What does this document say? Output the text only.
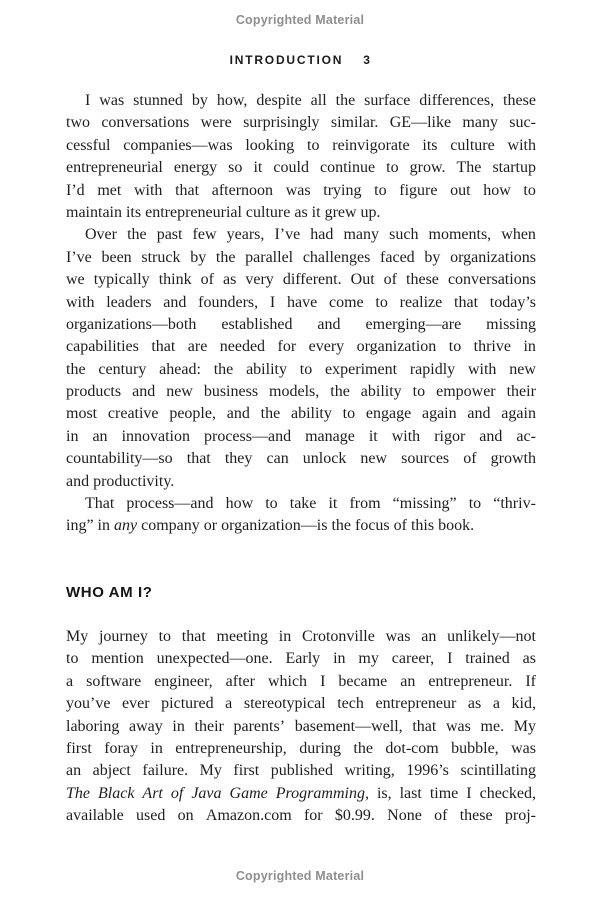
Copyrighted Material
INTRODUCTION 3
I was stunned by how, despite all the surface differences, these
two conversations were surprisingly similar. GE—like many suc-
cessful companies—was looking to reinvigorate its culture with
entrepreneurial energy so it could continue to grow. The startup
I’d met with that afternoon was trying to figure out how to
maintain its entrepreneurial culture as it grew up.
Over the past few years, I’ve had many such moments, when
I’ve been struck by the parallel challenges faced by organizations
we typically think of as very different. Out of these conversations
with leaders and founders, I have come to realize that today’s
organizations—both established and emerging—are missing
capabilities that are needed for every organization to thrive in
the century ahead: the ability to experiment rapidly with new
products and new business models, the ability to empower their
most creative people, and the ability to engage again and again
in an innovation process—and manage it with rigor and ac-
countability—so that they can unlock new sources of growth
and productivity.
That process—and how to take it from “missing” to “thriv-
ing” in any company or organization—is the focus of this book.
WHO AM I?
My journey to that meeting in Crotonville was an unlikely—not
to mention unexpected—one. Early in my career, I trained as
a software engineer, after which I became an entrepreneur. If
you’ve ever pictured a stereotypical tech entrepreneur as a kid,
laboring away in their parents’ basement—well, that was me. My
first foray in entrepreneurship, during the dot-com bubble, was
an abject failure. My first published writing, 1996’s scintillating
The Black Art of Java Game Programming, is, last time I checked,
available used on Amazon.com for $0.99. None of these proj-
Copyrighted Material
